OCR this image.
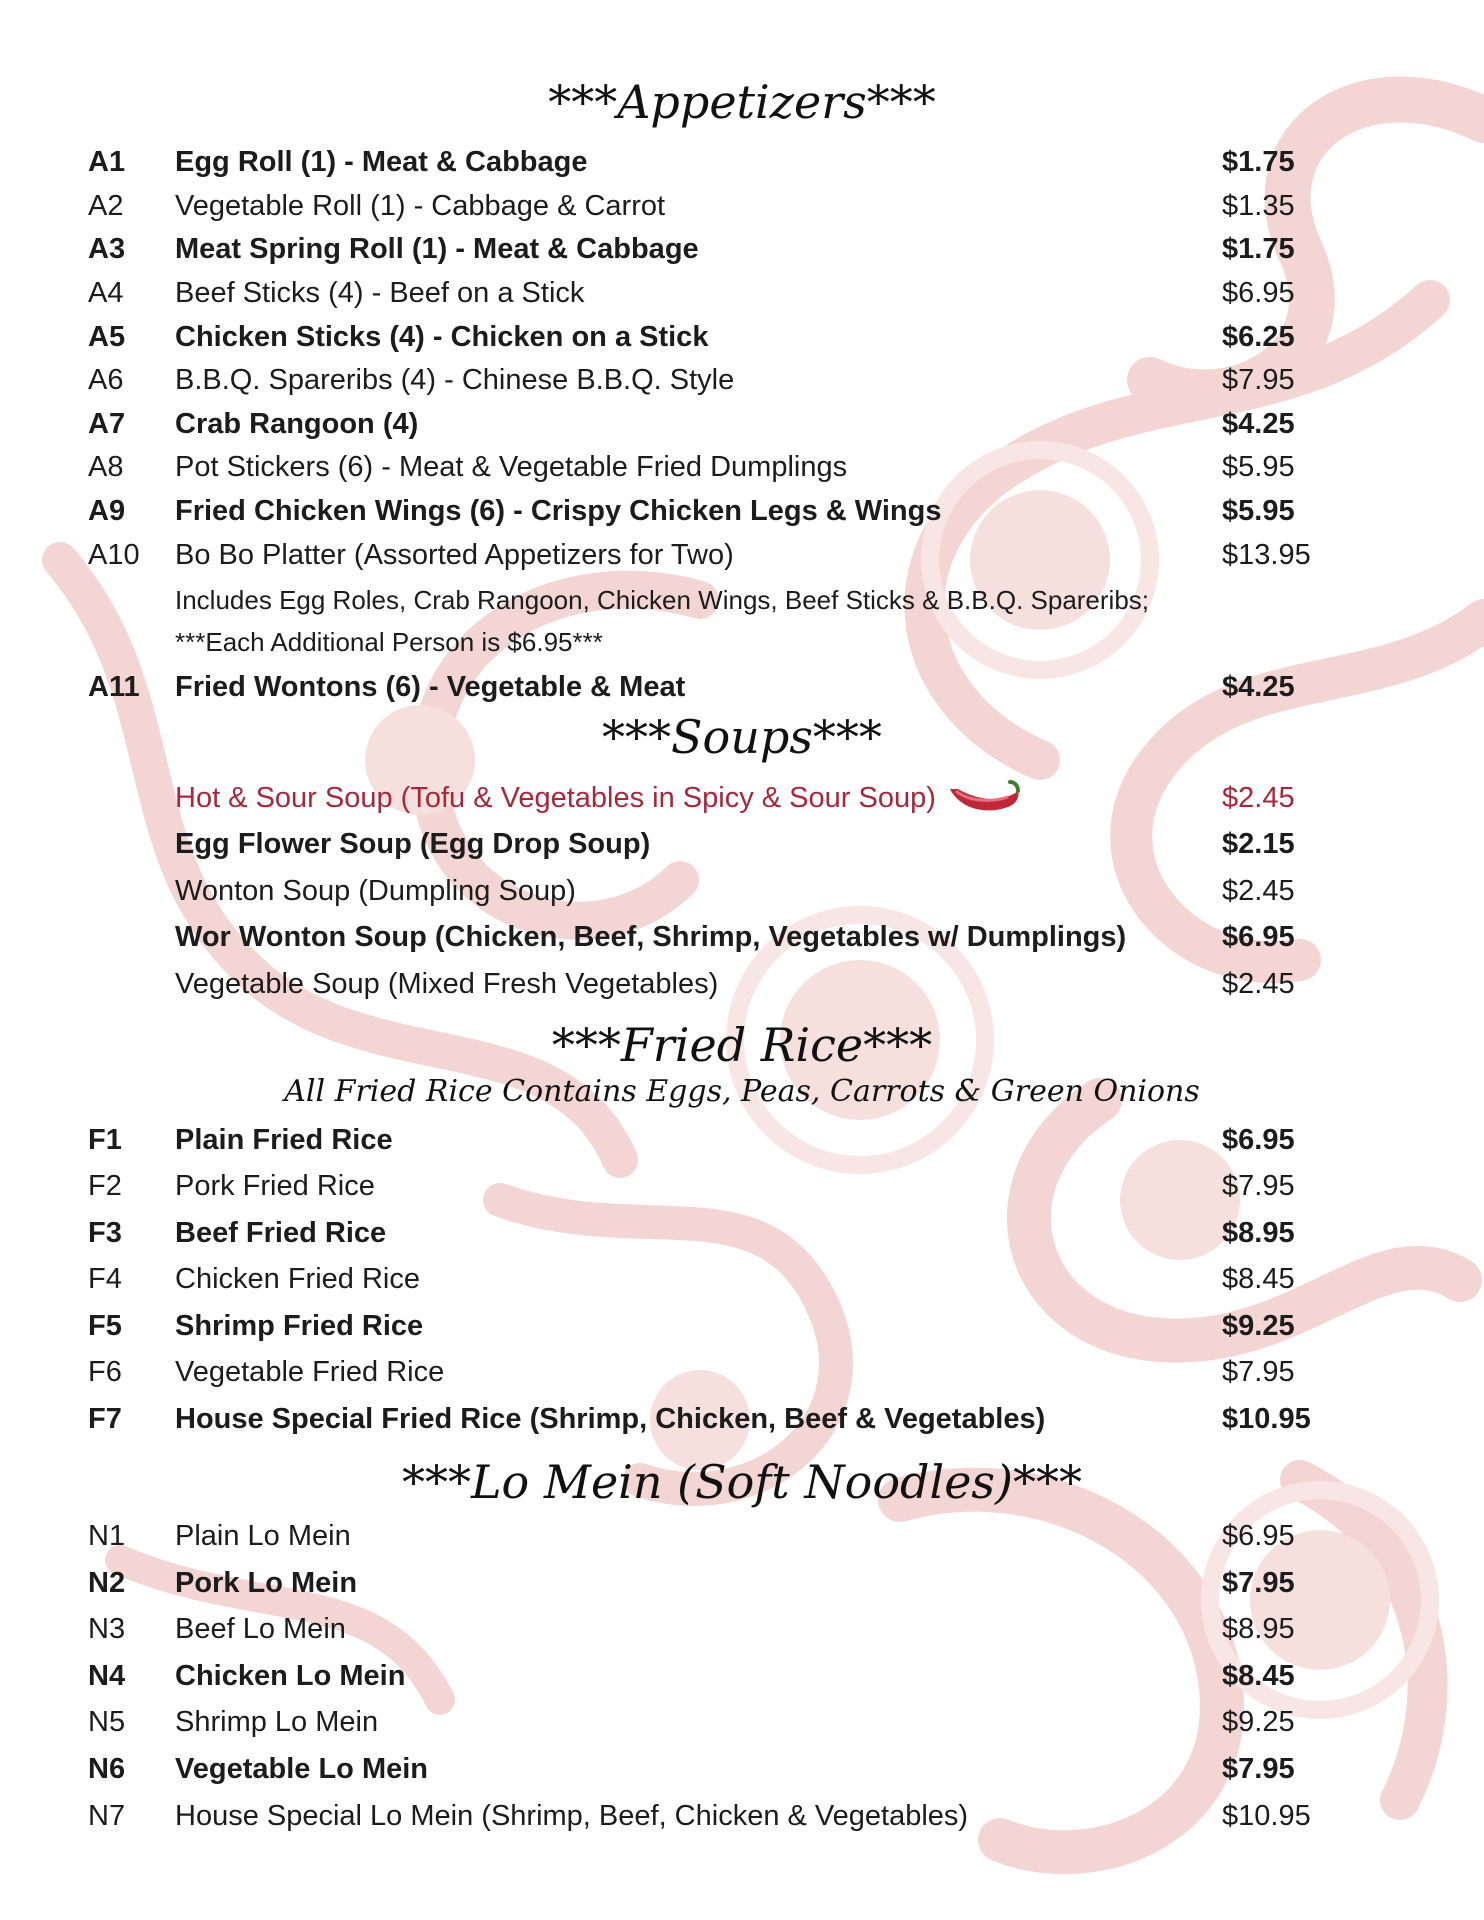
***Appetizers***
A1 Egg Roll (1) - Meat & Cabbage	$1.75
A2 Vegetable Roll (1) - Cabbage & Carrot	$1.35
A3 Meat Spring Roll (1) - Meat & Cabbage	$1.75
A4 Beef Sticks (4) - Beef on a Stick	$6.95
A5 Chicken Sticks (4) - Chicken on a Stick	$6.25
A6 B.B.Q. Spareribs (4) - Chinese B.B.Q. Style	$7.95
A7 Crab Rangoon (4)	$4.25
A8 Pot Stickers (6) - Meat & Vegetable Fried Dumplings	$5.95
A9 Fried Chicken Wings (6) - Crispy Chicken Legs & Wings	$5.95
A10 Bo Bo Platter (Assorted Appetizers for Two)	$13.95
Includes Egg Roles, Crab Rangoon, Chicken Wings, Beef Sticks & B.B.Q. Spareribs;
***Each Additional Person is $6.95***
A11 Fried Wontons (6) - Vegetable & Meat	$4.25
***Soups***
Hot & Sour Soup (Tofu & Vegetables in Spicy & Sour Soup)	$2.45
Egg Flower Soup (Egg Drop Soup)	$2.15
Wonton Soup (Dumpling Soup)	$2.45
Wor Wonton Soup (Chicken, Beef, Shrimp, Vegetables w/ Dumplings)	$6.95
Vegetable Soup (Mixed Fresh Vegetables)	$2.45
***Fried Rice***
All Fried Rice Contains Eggs, Peas, Carrots & Green Onions
F1 Plain Fried Rice	$6.95
F2 Pork Fried Rice	$7.95
F3 Beef Fried Rice	$8.95
F4 Chicken Fried Rice	$8.45
F5 Shrimp Fried Rice	$9.25
F6 Vegetable Fried Rice	$7.95
F7 House Special Fried Rice (Shrimp, Chicken, Beef & Vegetables)	$10.95
***Lo Mein (Soft Noodles)***
N1 Plain Lo Mein	$6.95
N2 Pork Lo Mein	$7.95
N3 Beef Lo Mein	$8.95
N4 Chicken Lo Mein	$8.45
N5 Shrimp Lo Mein	$9.25
N6 Vegetable Lo Mein	$7.95
N7 House Special Lo Mein (Shrimp, Beef, Chicken & Vegetables)	$10.95
